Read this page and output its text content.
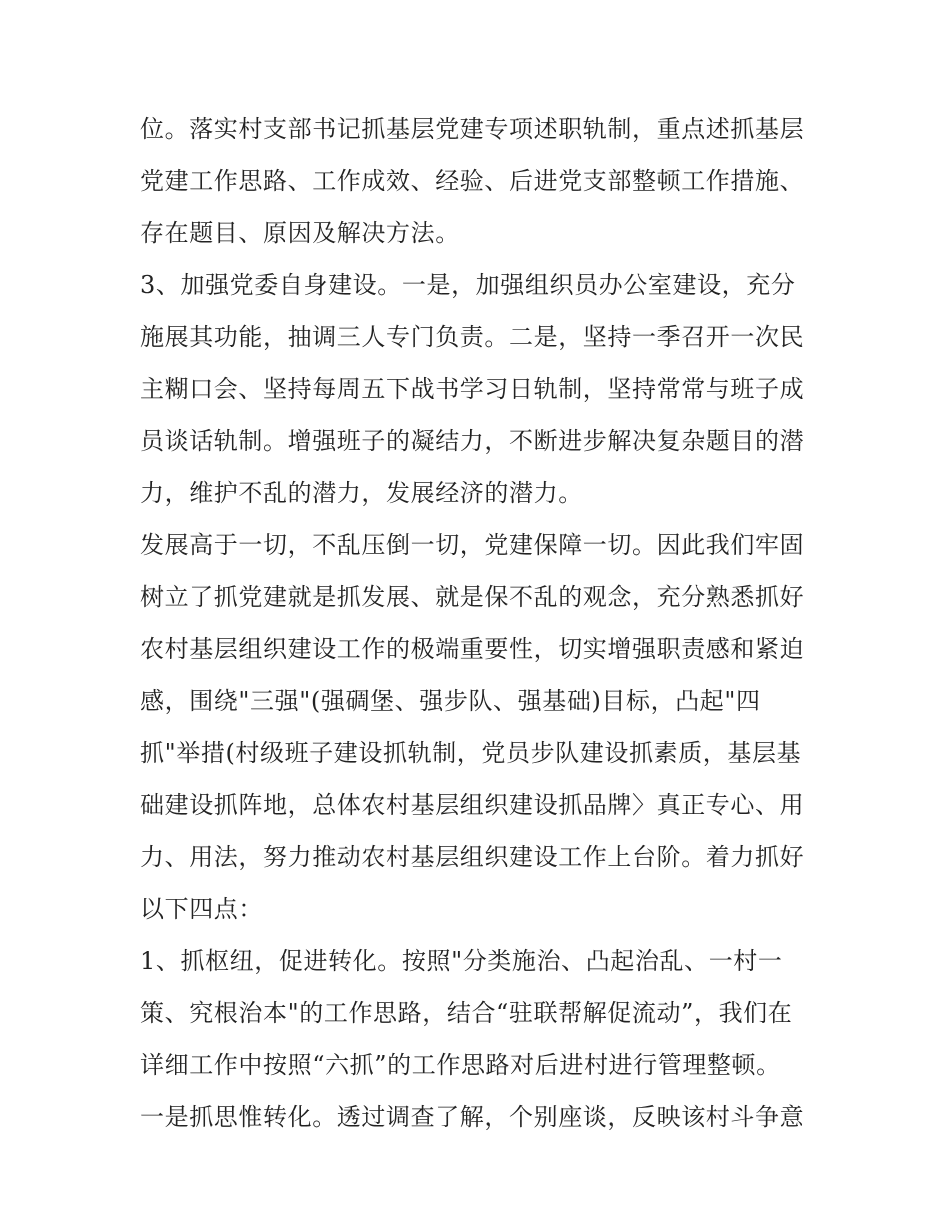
位。落实村支部书记抓基层党建专项述职轨制，重点述抓基层
党建工作思路、工作成效、经验、后进党支部整顿工作措施、
存在题目、原因及解决方法。
3、加强党委自身建设。一是，加强组织员办公室建设，充分
施展其功能，抽调三人专门负责。二是，坚持一季召开一次民
主糊口会、坚持每周五下战书学习日轨制，坚持常常与班子成
员谈话轨制。增强班子的凝结力，不断进步解决复杂题目的潜
力，维护不乱的潜力，发展经济的潜力。
发展高于一切，不乱压倒一切，党建保障一切。因此我们牢固
树立了抓党建就是抓发展、就是保不乱的观念，充分熟悉抓好
农村基层组织建设工作的极端重要性，切实增强职责感和紧迫
感，围绕"三强"(强碉堡、强步队、强基础)目标，凸起"四
抓"举措(村级班子建设抓轨制，党员步队建设抓素质，基层基
础建设抓阵地，总体农村基层组织建设抓品牌〉真正专心、用
力、用法，努力推动农村基层组织建设工作上台阶。着力抓好
以下四点：
1、抓枢纽，促进转化。按照"分类施治、凸起治乱、一村一
策、究根治本"的工作思路，结合“驻联帮解促流动”，我们在
详细工作中按照“六抓”的工作思路对后进村进行管理整顿。
一是抓思惟转化。透过调查了解，个别座谈，反映该村斗争意
